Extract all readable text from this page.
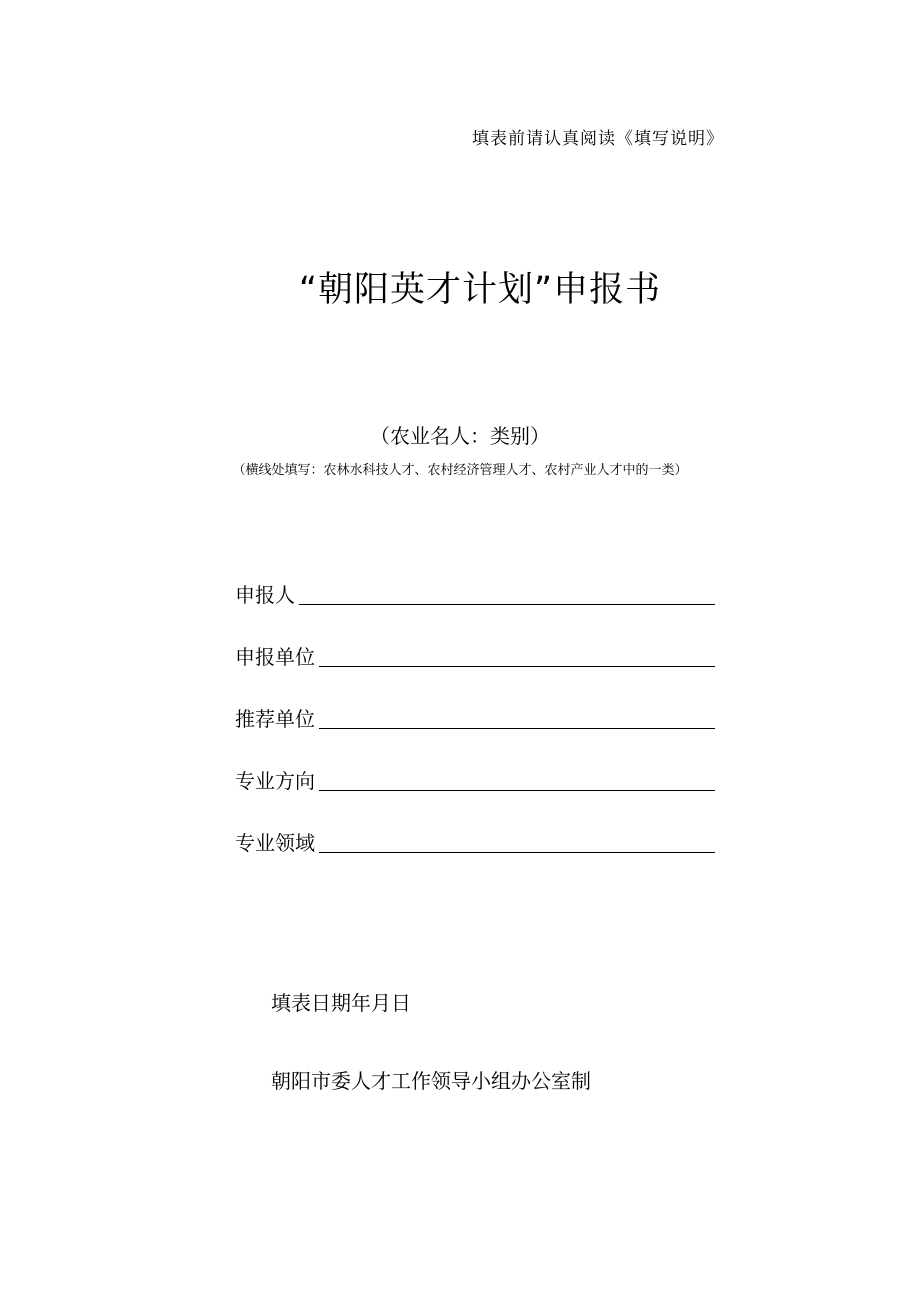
填表前请认真阅读《填写说明》
“朝阳英才计划”申报书
（农业名人：类别）
（横线处填写：农林水科技人才、农村经济管理人才、农村产业人才中的一类）
申报人
申报单位
推荐单位
专业方向
专业领域
填表日期年月日
朝阳市委人才工作领导小组办公室制
